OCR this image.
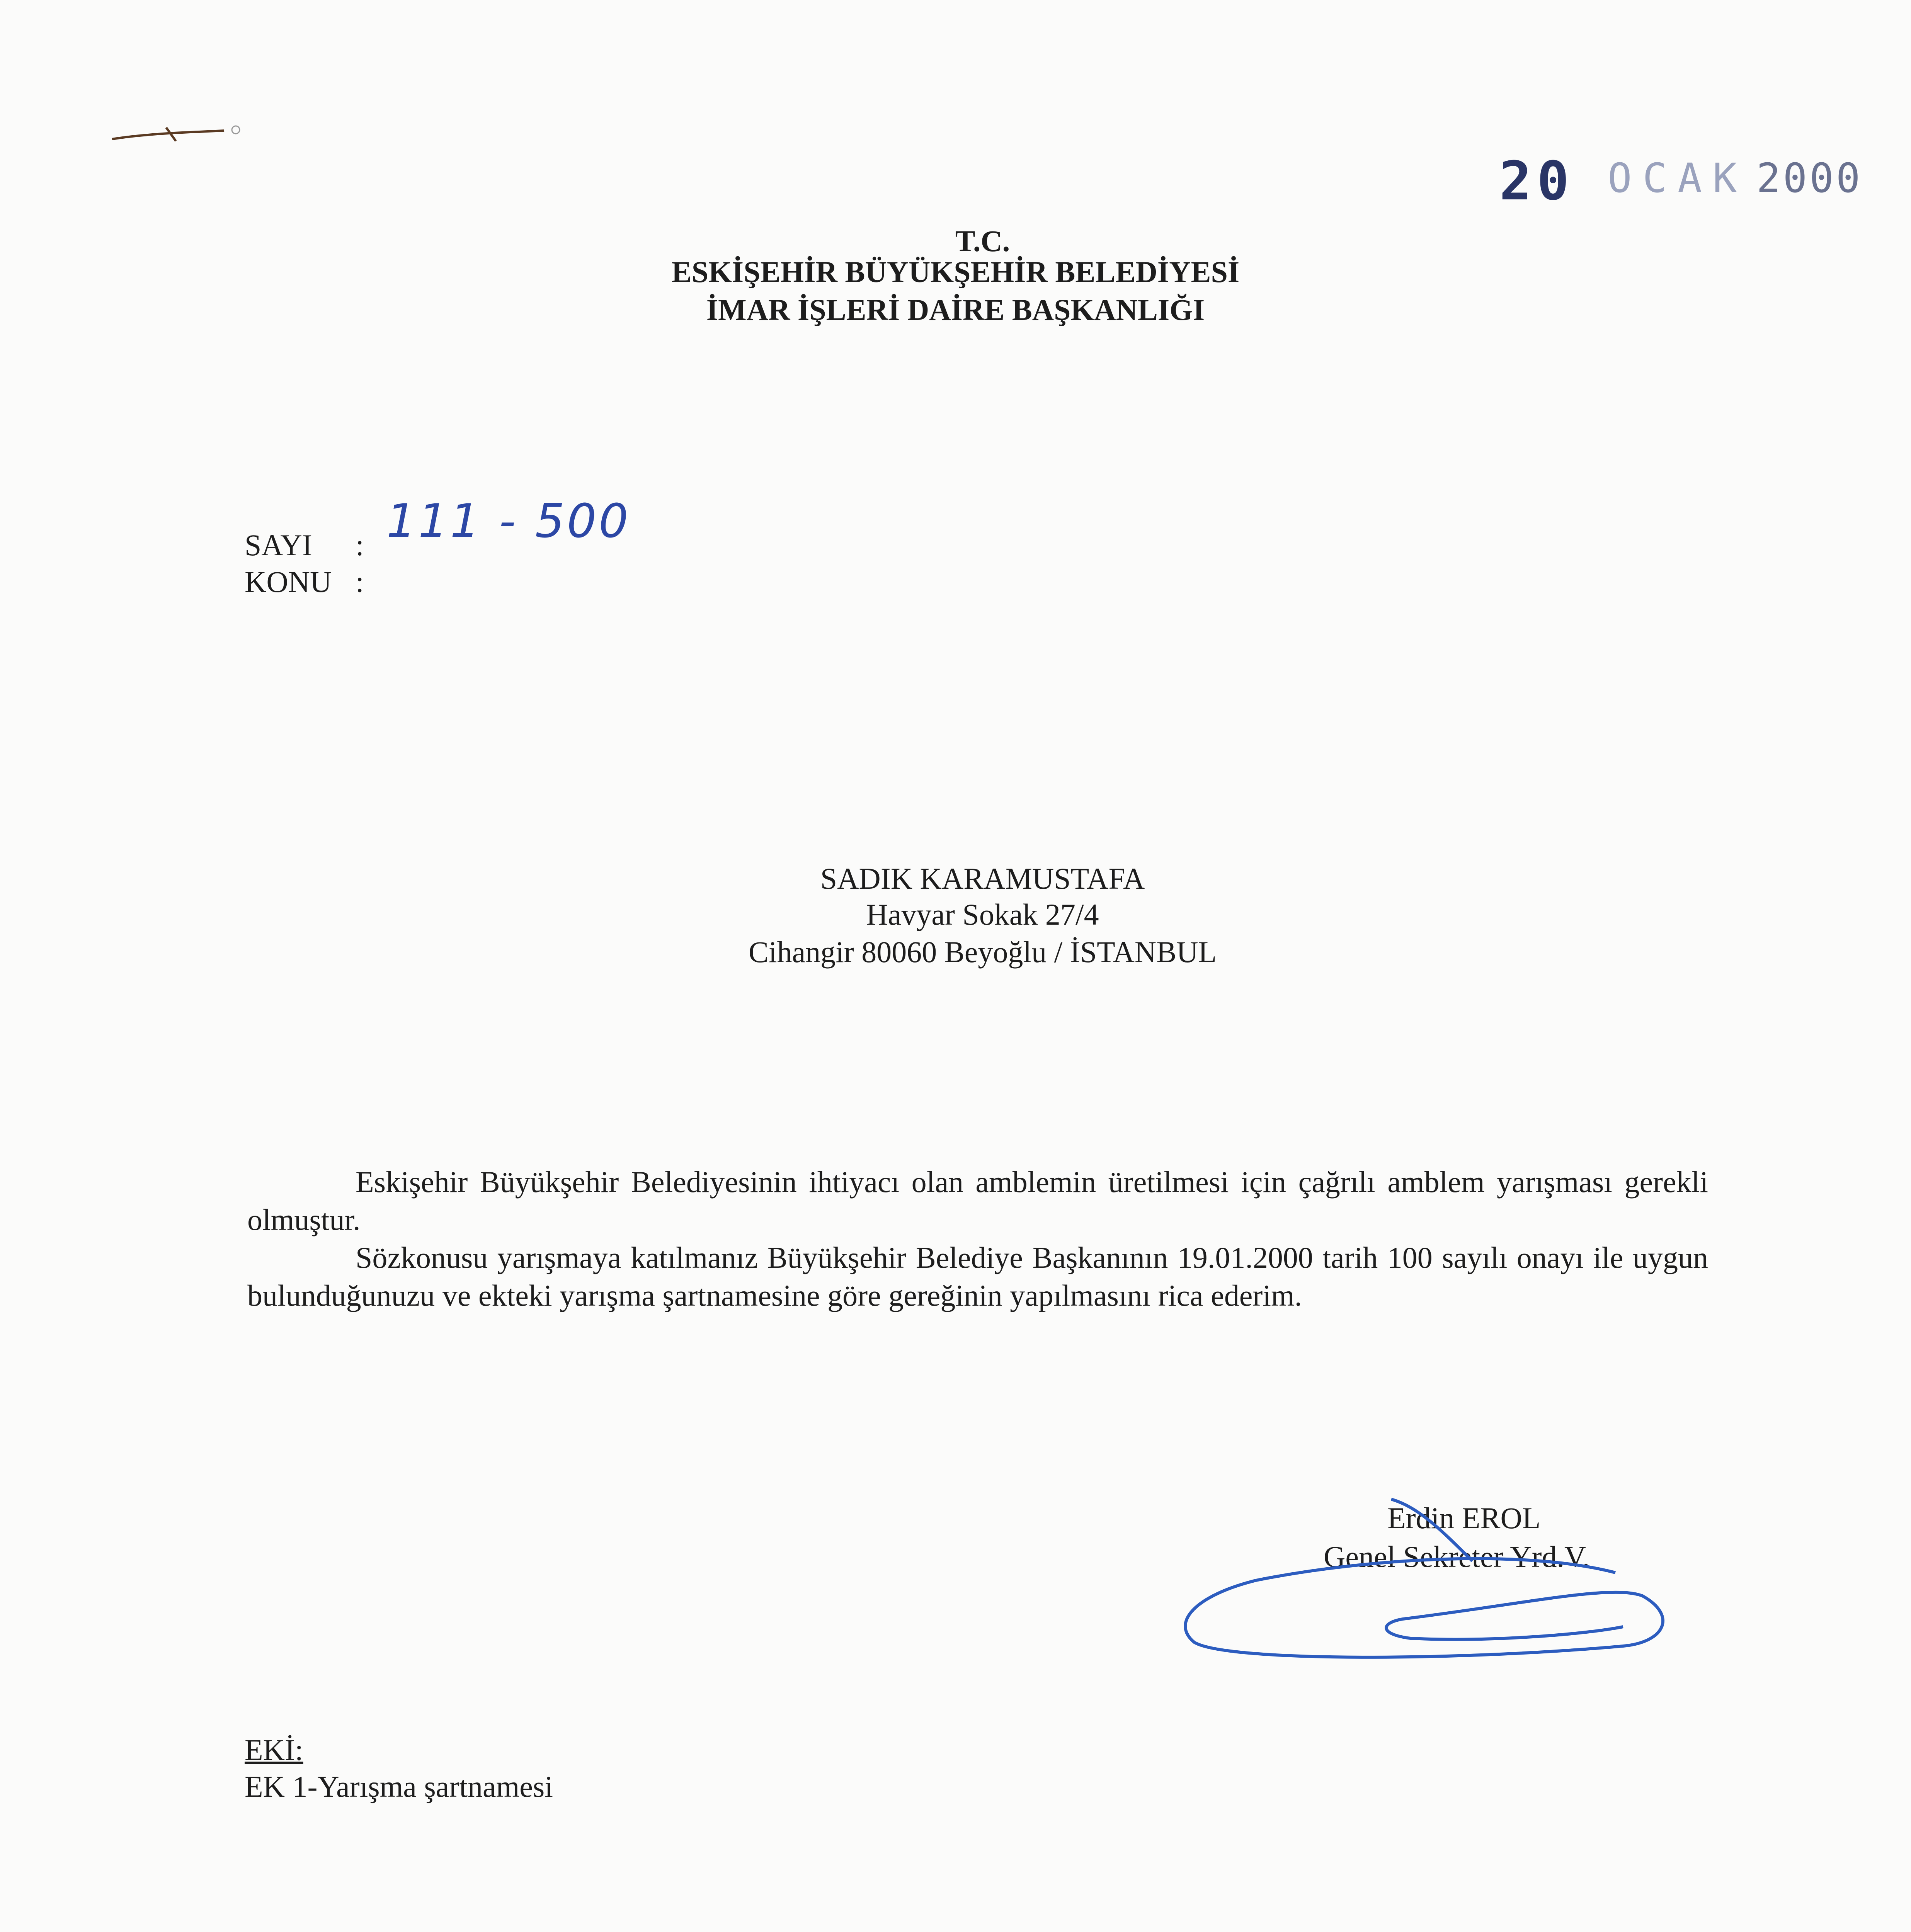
20 OCAK 2000
T.C.
ESKİŞEHİR BÜYÜKŞEHİR BELEDİYESİ
İMAR İŞLERİ DAİRE BAŞKANLIĞI
SAYI : 111 - 500
KONU :
SADIK KARAMUSTAFA
Havyar Sokak 27/4
Cihangir 80060 Beyoğlu / İSTANBUL

Eskişehir Büyükşehir Belediyesinin ihtiyacı olan amblemin üretilmesi için çağrılı amblem yarışması gerekli olmuştur.

Sözkonusu yarışmaya katılmanız Büyükşehir Belediye Başkanının 19.01.2000 tarih 100 sayılı onayı ile uygun bulunduğunuzu ve ekteki yarışma şartnamesine göre gereğinin yapılmasını rica ederim.

Erdin EROL
Genel Sekreter Yrd.V.
EKİ:
EK 1-Yarışma şartnamesi
